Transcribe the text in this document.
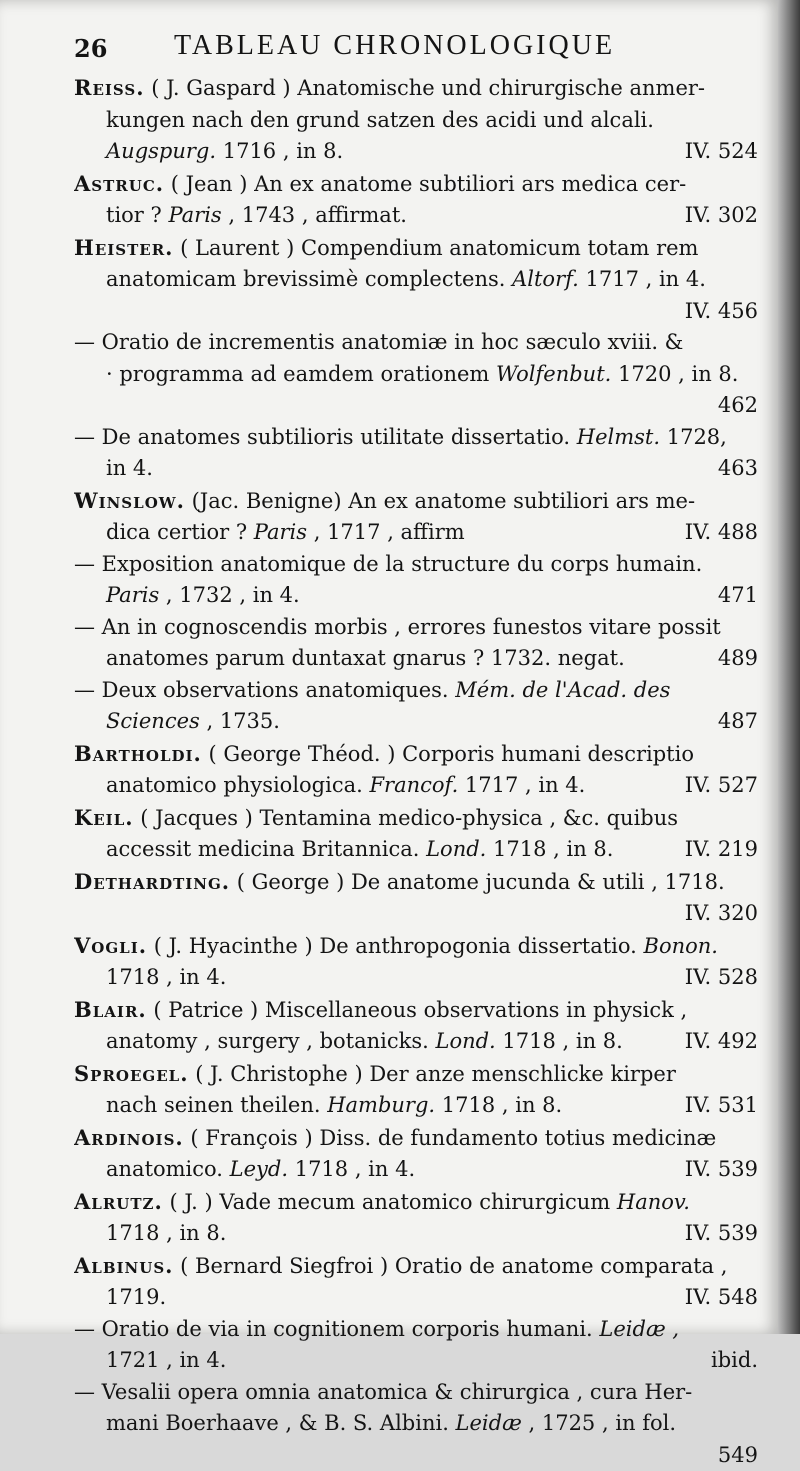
26 TABLEAU CHRONOLOGIQUE
Reiss. ( J. Gaspard ) Anatomische und chirurgische anmer-
kungen nach den grund satzen des acidi und alcali.
IV. 524
Augspurg. 1716 , in 8.
Astruc. ( Jean ) An ex anatome subtiliori ars medica cer-
IV. 302
tior ? Paris , 1743 , affirmat.
Heister. ( Laurent ) Compendium anatomicum totam rem
anatomicam brevissimè complectens. Altorf. 1717 , in 4.
IV. 456
— Oratio de incrementis anatomiæ in hoc sæculo xviii. &
· programma ad eamdem orationem Wolfenbut. 1720 , in 8.
462
— De anatomes subtilioris utilitate dissertatio. Helmst. 1728,
463
in 4.
Winslow. (Jac. Benigne) An ex anatome subtiliori ars me-
IV. 488
dica certior ? Paris , 1717 , affirm
— Exposition anatomique de la structure du corps humain.
471
Paris , 1732 , in 4.
— An in cognoscendis morbis , errores funestos vitare possit
489
anatomes parum duntaxat gnarus ? 1732. negat.
— Deux observations anatomiques. Mém. de l'Acad. des
487
Sciences , 1735.
Bartholdi. ( George Théod. ) Corporis humani descriptio
IV. 527
anatomico physiologica. Francof. 1717 , in 4.
Keil. ( Jacques ) Tentamina medico-physica , &c. quibus
IV. 219
accessit medicina Britannica. Lond. 1718 , in 8.
Dethardting. ( George ) De anatome jucunda & utili , 1718.
IV. 320
Vogli. ( J. Hyacinthe ) De anthropogonia dissertatio. Bonon.
IV. 528
1718 , in 4.
Blair. ( Patrice ) Miscellaneous observations in physick ,
IV. 492
anatomy , surgery , botanicks. Lond. 1718 , in 8.
Sproegel. ( J. Christophe ) Der anze menschlicke kirper
IV. 531
nach seinen theilen. Hamburg. 1718 , in 8.
Ardinois. ( François ) Diss. de fundamento totius medicinæ
IV. 539
anatomico. Leyd. 1718 , in 4.
Alrutz. ( J. ) Vade mecum anatomico chirurgicum Hanov.
IV. 539
1718 , in 8.
Albinus. ( Bernard Siegfroi ) Oratio de anatome comparata ,
IV. 548
1719.
— Oratio de via in cognitionem corporis humani. Leidæ ,
ibid.
1721 , in 4.
— Vesalii opera omnia anatomica & chirurgica , cura Her-
mani Boerhaave , & B. S. Albini. Leidæ , 1725 , in fol.
549
